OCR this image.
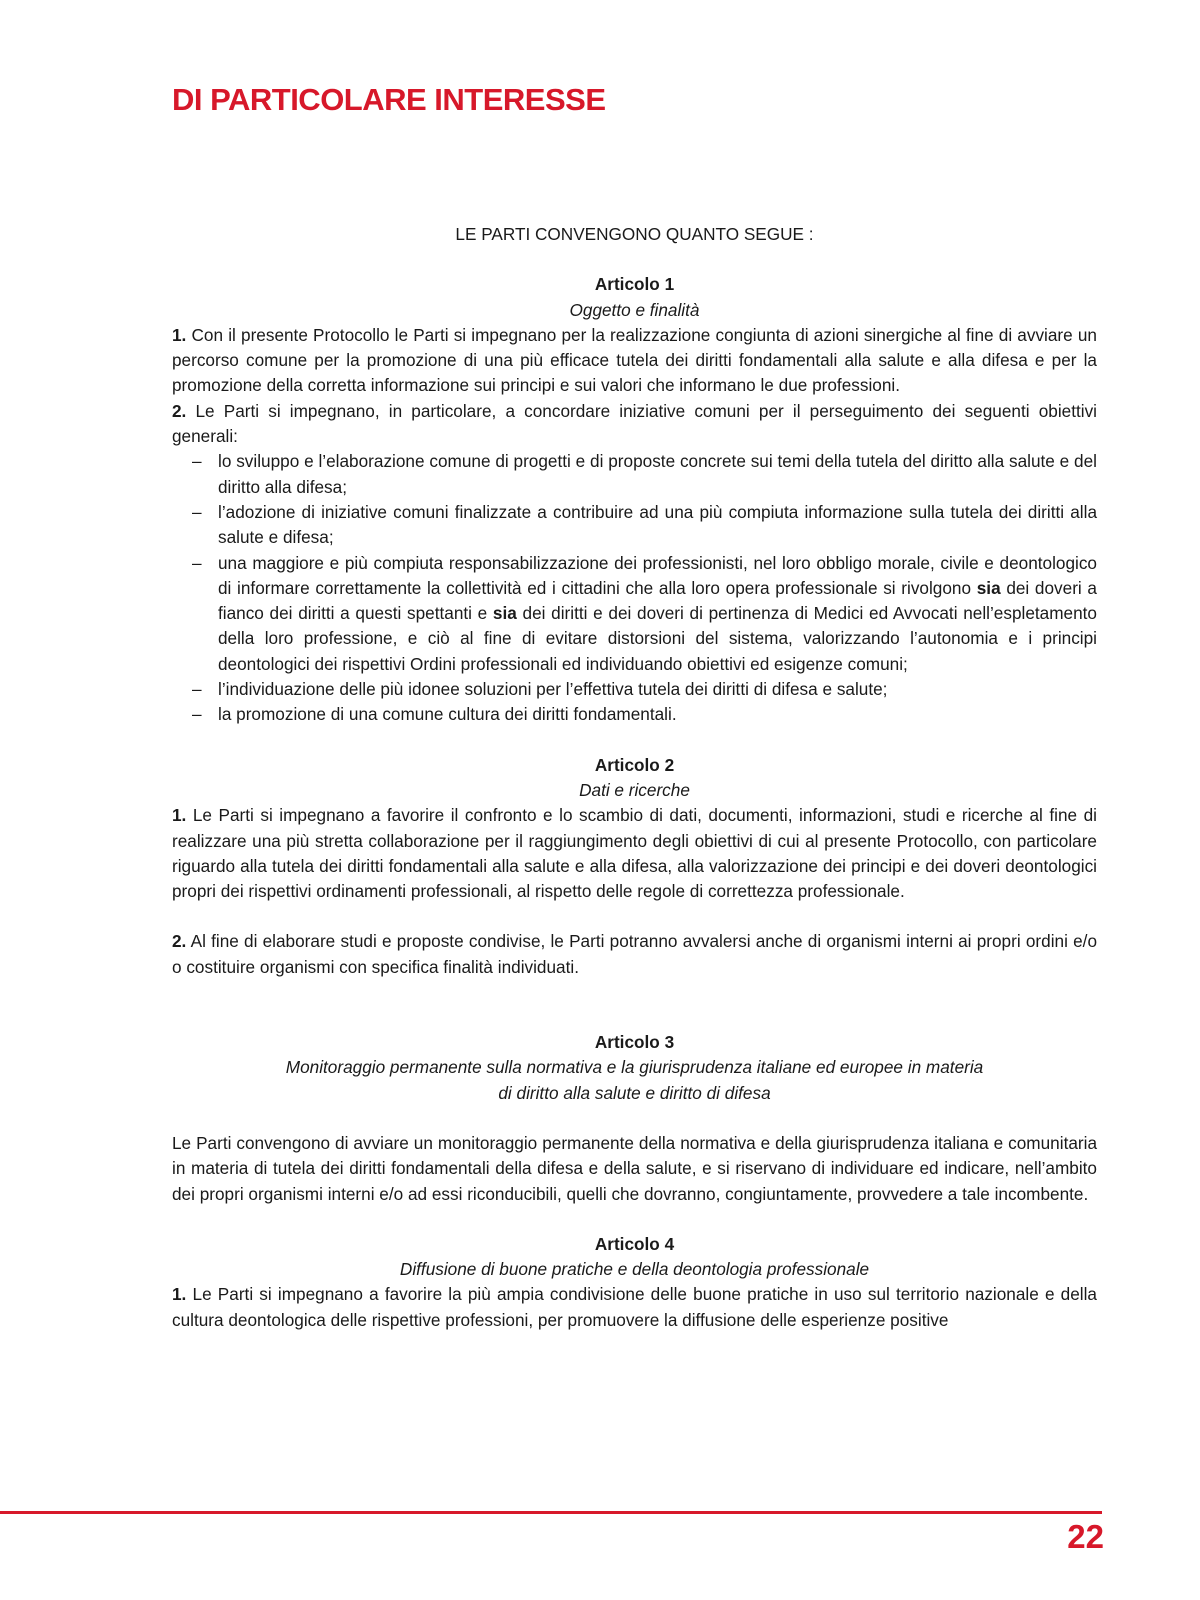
DI PARTICOLARE INTERESSE

LE PARTI CONVENGONO QUANTO SEGUE :

Articolo 1

Oggetto e finalità

1. Con il presente Protocollo le Parti si impegnano per la realizzazione congiunta di azioni sinergiche al fine di avviare un percorso comune per la promozione di una più efficace tutela dei diritti fondamentali alla salute e alla difesa e per la promozione della corretta informazione sui principi e sui valori che informano le due professioni.

2. Le Parti si impegnano, in particolare, a concordare iniziative comuni per il perseguimento dei seguenti obiettivi generali:

– lo sviluppo e l’elaborazione comune di progetti e di proposte concrete sui temi della tutela del diritto alla salute e del diritto alla difesa;
– l’adozione di iniziative comuni finalizzate a contribuire ad una più compiuta informazione sulla tutela dei diritti alla salute e difesa;
– una maggiore e più compiuta responsabilizzazione dei professionisti, nel loro obbligo morale, civile e deontologico di informare correttamente la collettività ed i cittadini che alla loro opera professionale si rivolgono sia dei doveri a fianco dei diritti a questi spettanti e sia dei diritti e dei doveri di pertinenza di Medici ed Avvocati nell’espletamento della loro professione, e ciò al fine di evitare distorsioni del sistema, valorizzando l’autonomia e i principi deontologici dei rispettivi Ordini professionali ed individuando obiettivi ed esigenze comuni;
– l’individuazione delle più idonee soluzioni per l’effettiva tutela dei diritti di difesa e salute;
– la promozione di una comune cultura dei diritti fondamentali.

Articolo 2

Dati e ricerche

1. Le Parti si impegnano a favorire il confronto e lo scambio di dati, documenti, informazioni, studi e ricerche al fine di realizzare una più stretta collaborazione per il raggiungimento degli obiettivi di cui al presente Protocollo, con particolare riguardo alla tutela dei diritti fondamentali alla salute e alla difesa, alla valorizzazione dei principi e dei doveri deontologici propri dei rispettivi ordinamenti professionali, al rispetto delle regole di correttezza professionale.

2. Al fine di elaborare studi e proposte condivise, le Parti potranno avvalersi anche di organismi interni ai propri ordini e/o o costituire organismi con specifica finalità individuati.

Articolo 3

Monitoraggio permanente sulla normativa e la giurisprudenza italiane ed europee in materia

di diritto alla salute e diritto di difesa

Le Parti convengono di avviare un monitoraggio permanente della normativa e della giurisprudenza italiana e comunitaria in materia di tutela dei diritti fondamentali della difesa e della salute, e si riservano di individuare ed indicare, nell’ambito dei propri organismi interni e/o ad essi riconducibili, quelli che dovranno, congiuntamente, provvedere a tale incombente.

Articolo 4

Diffusione di buone pratiche e della deontologia professionale

1. Le Parti si impegnano a favorire la più ampia condivisione delle buone pratiche in uso sul territorio nazionale e della cultura deontologica delle rispettive professioni, per promuovere la diffusione delle esperienze positive

22
